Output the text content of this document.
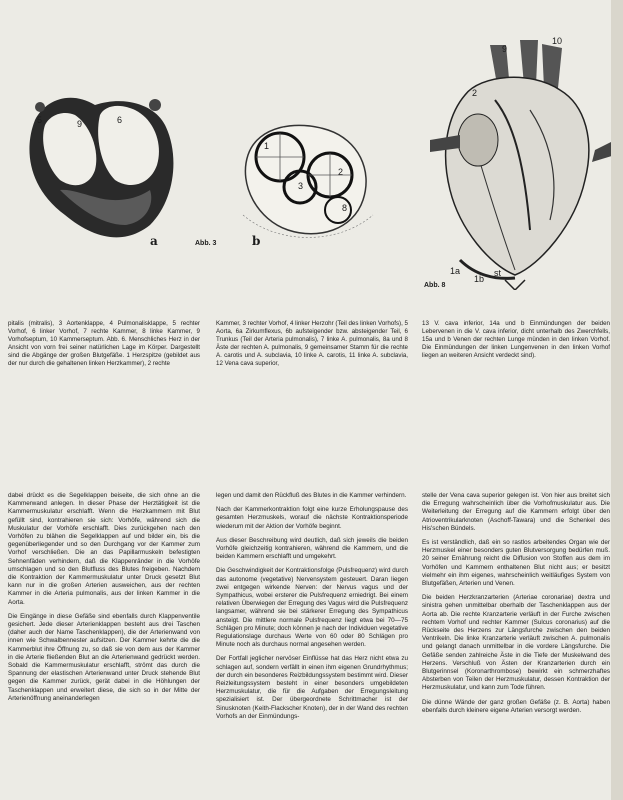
5	9	6
a	Abb. 3
1
2
3
8
b
9
10
2
1a
1b
st
Abb. 8

pitalis (mitralis), 3 Aortenklappe, 4 Pulmonalisklappe, 5 rechter Vorhof, 6 linker Vorhof, 7 rechte Kammer, 8 linke Kammer, 9 Vorhofseptum, 10 Kammerseptum. Abb. 6. Menschliches Herz in der Ansicht von vorn frei seiner natürlichen Lage im Körper. Dargestellt sind die Abgänge der großen Blutgefäße. 1 Herzspitze (gebildet aus der nur durch die gehaltenen linken Herzkammer), 2 rechte

Kammer, 3 rechter Vorhof, 4 linker Herzohr (Teil des linken Vorhofs), 5 Aorta, 6a Zirkumflexus, 6b aufsteigender bzw. absteigender Teil, 6 Trunkus (Teil der Arteria pulmonalis), 7 linke A. pulmonalis, 8a und 8 Äste der rechten A. pulmonalis, 9 gemeinsamer Stamm für die rechte A. carotis und A. subclavia, 10 linke A. carotis, 11 linke A. subclavia, 12 Vena cava superior,

13 V. cava inferior, 14a und b Einmündungen der beiden Lebervenen in die V. cava inferior, dicht unterhalb des Zwerchfells, 15a und b Venen der rechten Lunge münden in den linken Vorhof. Die Einmündungen der linken Lungenvenen in den linken Vorhof liegen an weiteren Ansicht verdeckt sind).

dabei drückt es die Segelklappen beiseite, die sich ohne an die Kammerwand anlegen. In dieser Phase der Herztätigkeit ist die Kammermuskulatur erschlafft. Wenn die Herzkammern mit Blut gefüllt sind, kontrahieren sie sich: Vorhöfe, während sich die Muskulatur der Vorhöfe erschlafft. Dies zurückgehen nach den Vorhöfen zu blähen die Segelklappen auf und bilder ein, bis die gegenüberliegender und so den Durchgang vor der Kammer zum Vorhof verschließen. Die an das Papillarmuskeln befestigten Sehnenfäden verhindern, daß die Klappenränder in die Vorhöfe umschlagen und so den Blutfluss des Blutes freigeben. Nachdem die Kontraktion der Kammermuskulatur unter Druck gesetzt Blut kann nur in die großen Arterien ausweichen, aus der rechten Kammer in die Arteria pulmonalis, aus der linken Kammer in die Aorta.

Die Eingänge in diese Gefäße sind ebenfalls durch Klappenventile gesichert. Jede dieser Arterienklappen besteht aus drei Taschen (daher auch der Name Taschenklappen), die der Arterienwand von innen wie Schwalbennester aufsitzen. Der Kammer kehrte die die Kammerblut ihre Öffnung zu, so daß sie von dem aus der Kammer in die Arterie fließenden Blut an die Arterienwand gedrückt werden. Sobald die Kammermuskulatur erschlafft, strömt das durch die Spannung der elastischen Arterienwand unter Druck stehende Blut gegen die Kammer zurück, gerät dabei in die Höhlungen der Taschenklappen und erweitert diese, die sich so in der Mitte der Arterienöffnung aneinanderlegen

legen und damit den Rückfluß des Blutes in die Kammer verhindern.

Nach der Kammerkontraktion folgt eine kurze Erholungspause des gesamten Herzmuskels, worauf die nächste Kontraktionsperiode wiederum mit der Aktion der Vorhöfe beginnt.

Aus dieser Beschreibung wird deutlich, daß sich jeweils die beiden Vorhöfe gleichzeitig kontrahieren, während die Kammern, und die beiden Kammern erschlafft und umgekehrt.

Die Geschwindigkeit der Kontraktionsfolge (Pulsfrequenz) wird durch das autonome (vegetative) Nervensystem gesteuert. Daran liegen zwei entgegen wirkende Nerven: der Nervus vagus und der Sympathicus, wobei ersterer die Pulsfrequenz erniedrigt. Bei einem relativen Überwiegen der Erregung des Vagus wird die Pulsfrequenz langsamer, während sie bei stärkerer Erregung des Sympathicus ansteigt. Die mittlere normale Pulsfrequenz liegt etwa bei 70—75 Schlägen pro Minute; doch können je nach der Individuen vegetative Regulationslage durchaus Werte von 60 oder 80 Schlägen pro Minute noch als durchaus normal angesehen werden.

Der Fortfall jeglicher nervöser Einflüsse hat das Herz nicht etwa zu schlagen auf, sondern verfällt in einen ihm eigenen Grundrhythmus; der durch ein besonderes Reizbildungssystem bestimmt wird. Dieser Reizleitungssystem besteht in einer besonders umgebildeten Herzmuskulatur, die für die Aufgaben der Erregungsleitung spezialisiert ist. Der übergeordnete Schrittmacher ist der Sinusknoten (Keith-Flackscher Knoten), der in der Wand des rechten Vorhofs an der Einmündungs-

stelle der Vena cava superior gelegen ist. Von hier aus breitet sich die Erregung wahrscheinlich über die Vorhofmuskulatur aus. Die Weiterleitung der Erregung auf die Kammern erfolgt über den Atrioventrikularknoten (Aschoff-Tawara) und die Schenkel des His'schen Bündels.

Es ist verständlich, daß ein so rastlos arbeitendes Organ wie der Herzmuskel einer besonders guten Blutversorgung bedürfen muß. 20 seiner Ernährung reicht die Diffusion von Stoffen aus dem im Vorhöfen und Kammern enthaltenen Blut nicht aus; er besitzt vielmehr ein ihm eigenes, wahrscheinlich weitläufiges System von Blutgefäßen, Arterien und Venen.

Die beiden Herzkranzarterien (Arteriae coronariae) dextra und sinistra gehen unmittelbar oberhalb der Taschenklappen aus der Aorta ab. Die rechte Kranzarterie verläuft in der Furche zwischen rechtem Vorhof und rechter Kammer (Sulcus coronarius) auf die Rückseite des Herzens zur Längsfurche zwischen den beiden Ventrikeln. Die linke Kranzarterie verläuft zwischen A. pulmonalis und gelangt danach unmittelbar in die vordere Längsfurche. Die Gefäße senden zahlreiche Äste in die Tiefe der Muskelwand des Herzens. Verschluß von Ästen der Kranzarterien durch ein Blutgerinnsel (Koronarthrombose) bewirkt ein schmerzhaftes Absterben von Teilen der Herzmuskulatur, dessen Kontraktion der Herzmuskulatur, und kann zum Tode führen.

Die dünne Wände der ganz großen Gefäße (z. B. Aorta) haben ebenfalls durch kleinere eigene Arterien versorgt werden.
